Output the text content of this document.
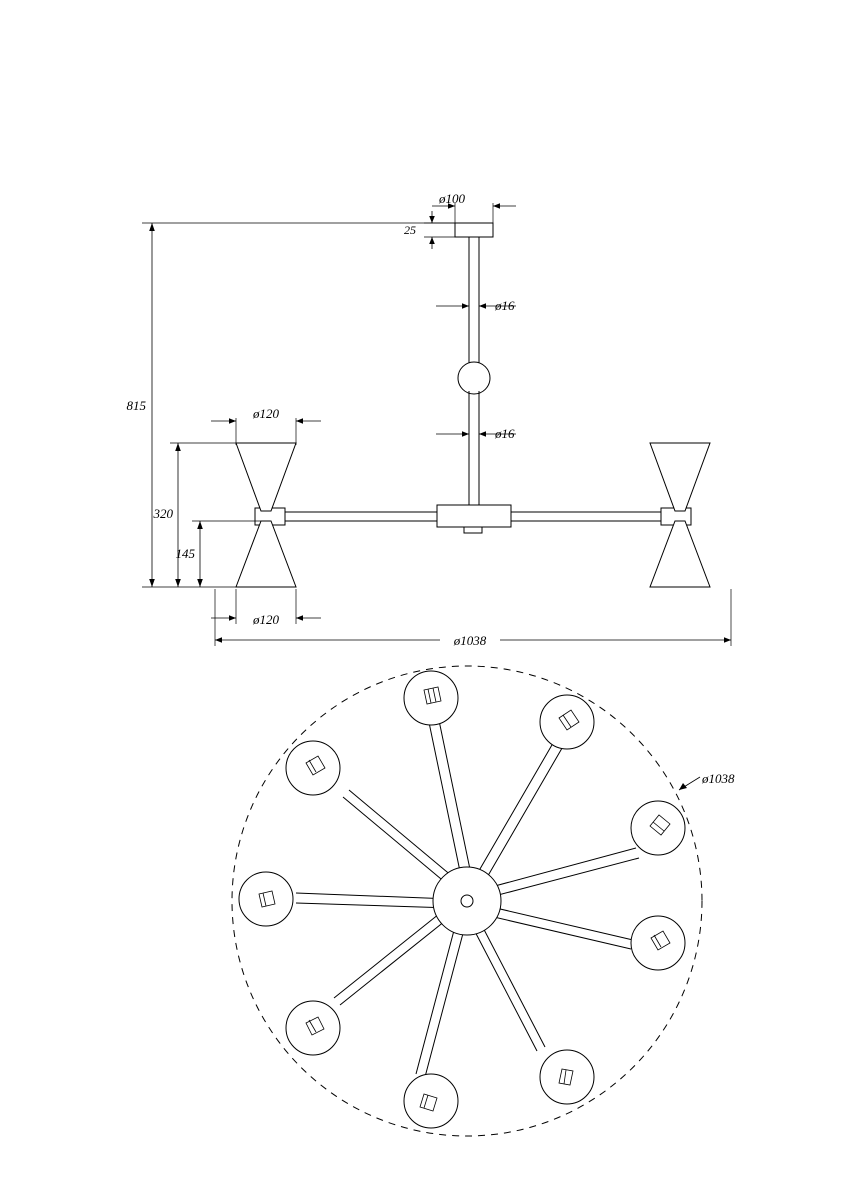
ø100
25
ø16
ø16
815
ø120
320
145
ø120
ø1038
ø1038
